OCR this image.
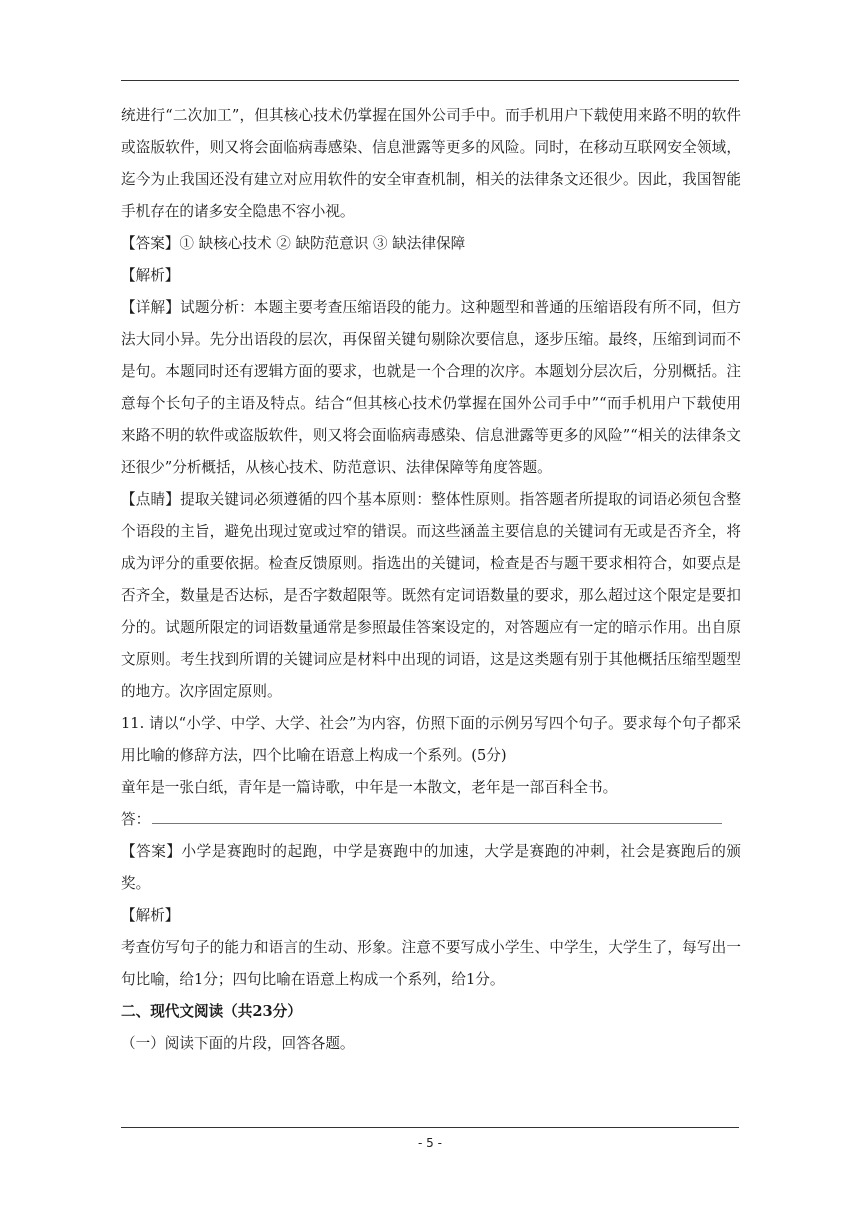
统进行“二次加工”，但其核心技术仍掌握在国外公司手中。而手机用户下载使用来路不明的软件或盗版软件，则又将会面临病毒感染、信息泄露等更多的风险。同时，在移动互联网安全领域，迄今为止我国还没有建立对应用软件的安全审查机制，相关的法律条文还很少。因此，我国智能手机存在的诸多安全隐患不容小视。

【答案】① 缺核心技术 ② 缺防范意识 ③ 缺法律保障

【解析】

【详解】试题分析：本题主要考查压缩语段的能力。这种题型和普通的压缩语段有所不同，但方法大同小异。先分出语段的层次，再保留关键句剔除次要信息，逐步压缩。最终，压缩到词而不是句。本题同时还有逻辑方面的要求，也就是一个合理的次序。本题划分层次后，分别概括。注意每个长句子的主语及特点。结合“但其核心技术仍掌握在国外公司手中”“而手机用户下载使用来路不明的软件或盗版软件，则又将会面临病毒感染、信息泄露等更多的风险”“相关的法律条文还很少”分析概括，从核心技术、防范意识、法律保障等角度答题。

【点睛】提取关键词必须遵循的四个基本原则：整体性原则。指答题者所提取的词语必须包含整个语段的主旨，避免出现过宽或过窄的错误。而这些涵盖主要信息的关键词有无或是否齐全，将成为评分的重要依据。检查反馈原则。指选出的关键词，检查是否与题干要求相符合，如要点是否齐全，数量是否达标，是否字数超限等。既然有定词语数量的要求，那么超过这个限定是要扣分的。试题所限定的词语数量通常是参照最佳答案设定的，对答题应有一定的暗示作用。出自原文原则。考生找到所谓的关键词应是材料中出现的词语，这是这类题有别于其他概括压缩型题型的地方。次序固定原则。

11. 请以“小学、中学、大学、社会”为内容，仿照下面的示例另写四个句子。要求每个句子都采用比喻的修辞方法，四个比喻在语意上构成一个系列。(5分)

童年是一张白纸，青年是一篇诗歌，中年是一本散文，老年是一部百科全书。

答：

【答案】小学是赛跑时的起跑，中学是赛跑中的加速，大学是赛跑的冲刺，社会是赛跑后的颁奖。

【解析】

考查仿写句子的能力和语言的生动、形象。注意不要写成小学生、中学生，大学生了，每写出一句比喻，给1分；四句比喻在语意上构成一个系列，给1分。

二、现代文阅读（共23分）

（一）阅读下面的片段，回答各题。

- 5 -
